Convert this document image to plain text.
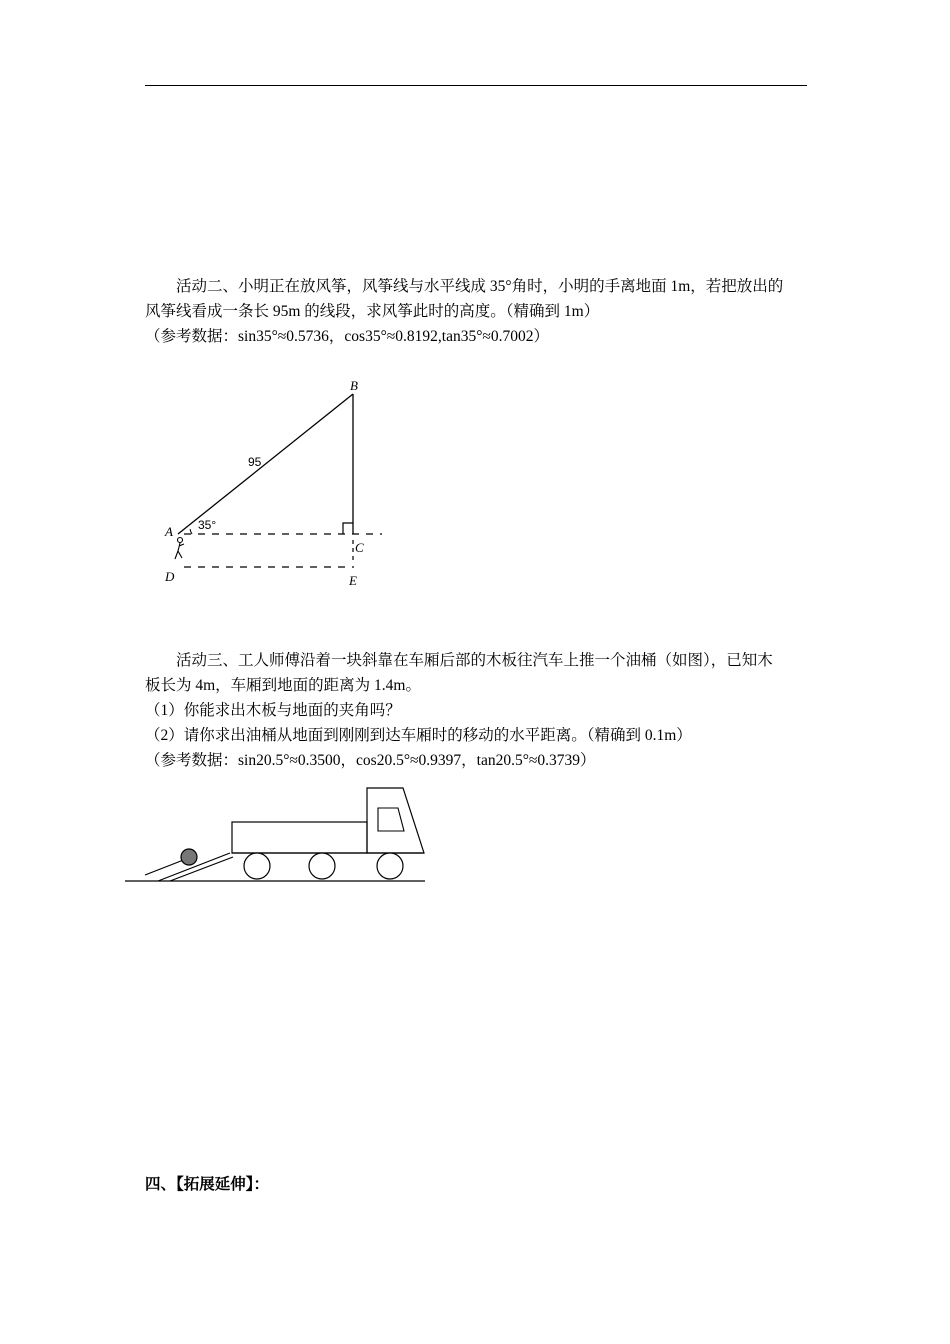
活动二、小明正在放风筝，风筝线与水平线成 35°角时，小明的手离地面 1m，若把放出的

风筝线看成一条长 95m 的线段，求风筝此时的高度。（精确到 1m）

（参考数据：sin35°≈0.5736，cos35°≈0.8192,tan35°≈0.7002）

B
A
C
D	E
95
35°

活动三、工人师傅沿着一块斜靠在车厢后部的木板往汽车上推一个油桶（如图），已知木

板长为 4m，车厢到地面的距离为 1.4m。

（1）你能求出木板与地面的夹角吗？

（2）请你求出油桶从地面到刚刚到达车厢时的移动的水平距离。（精确到 0.1m）

（参考数据：sin20.5°≈0.3500，cos20.5°≈0.9397，tan20.5°≈0.3739）

四、【拓展延伸】：
